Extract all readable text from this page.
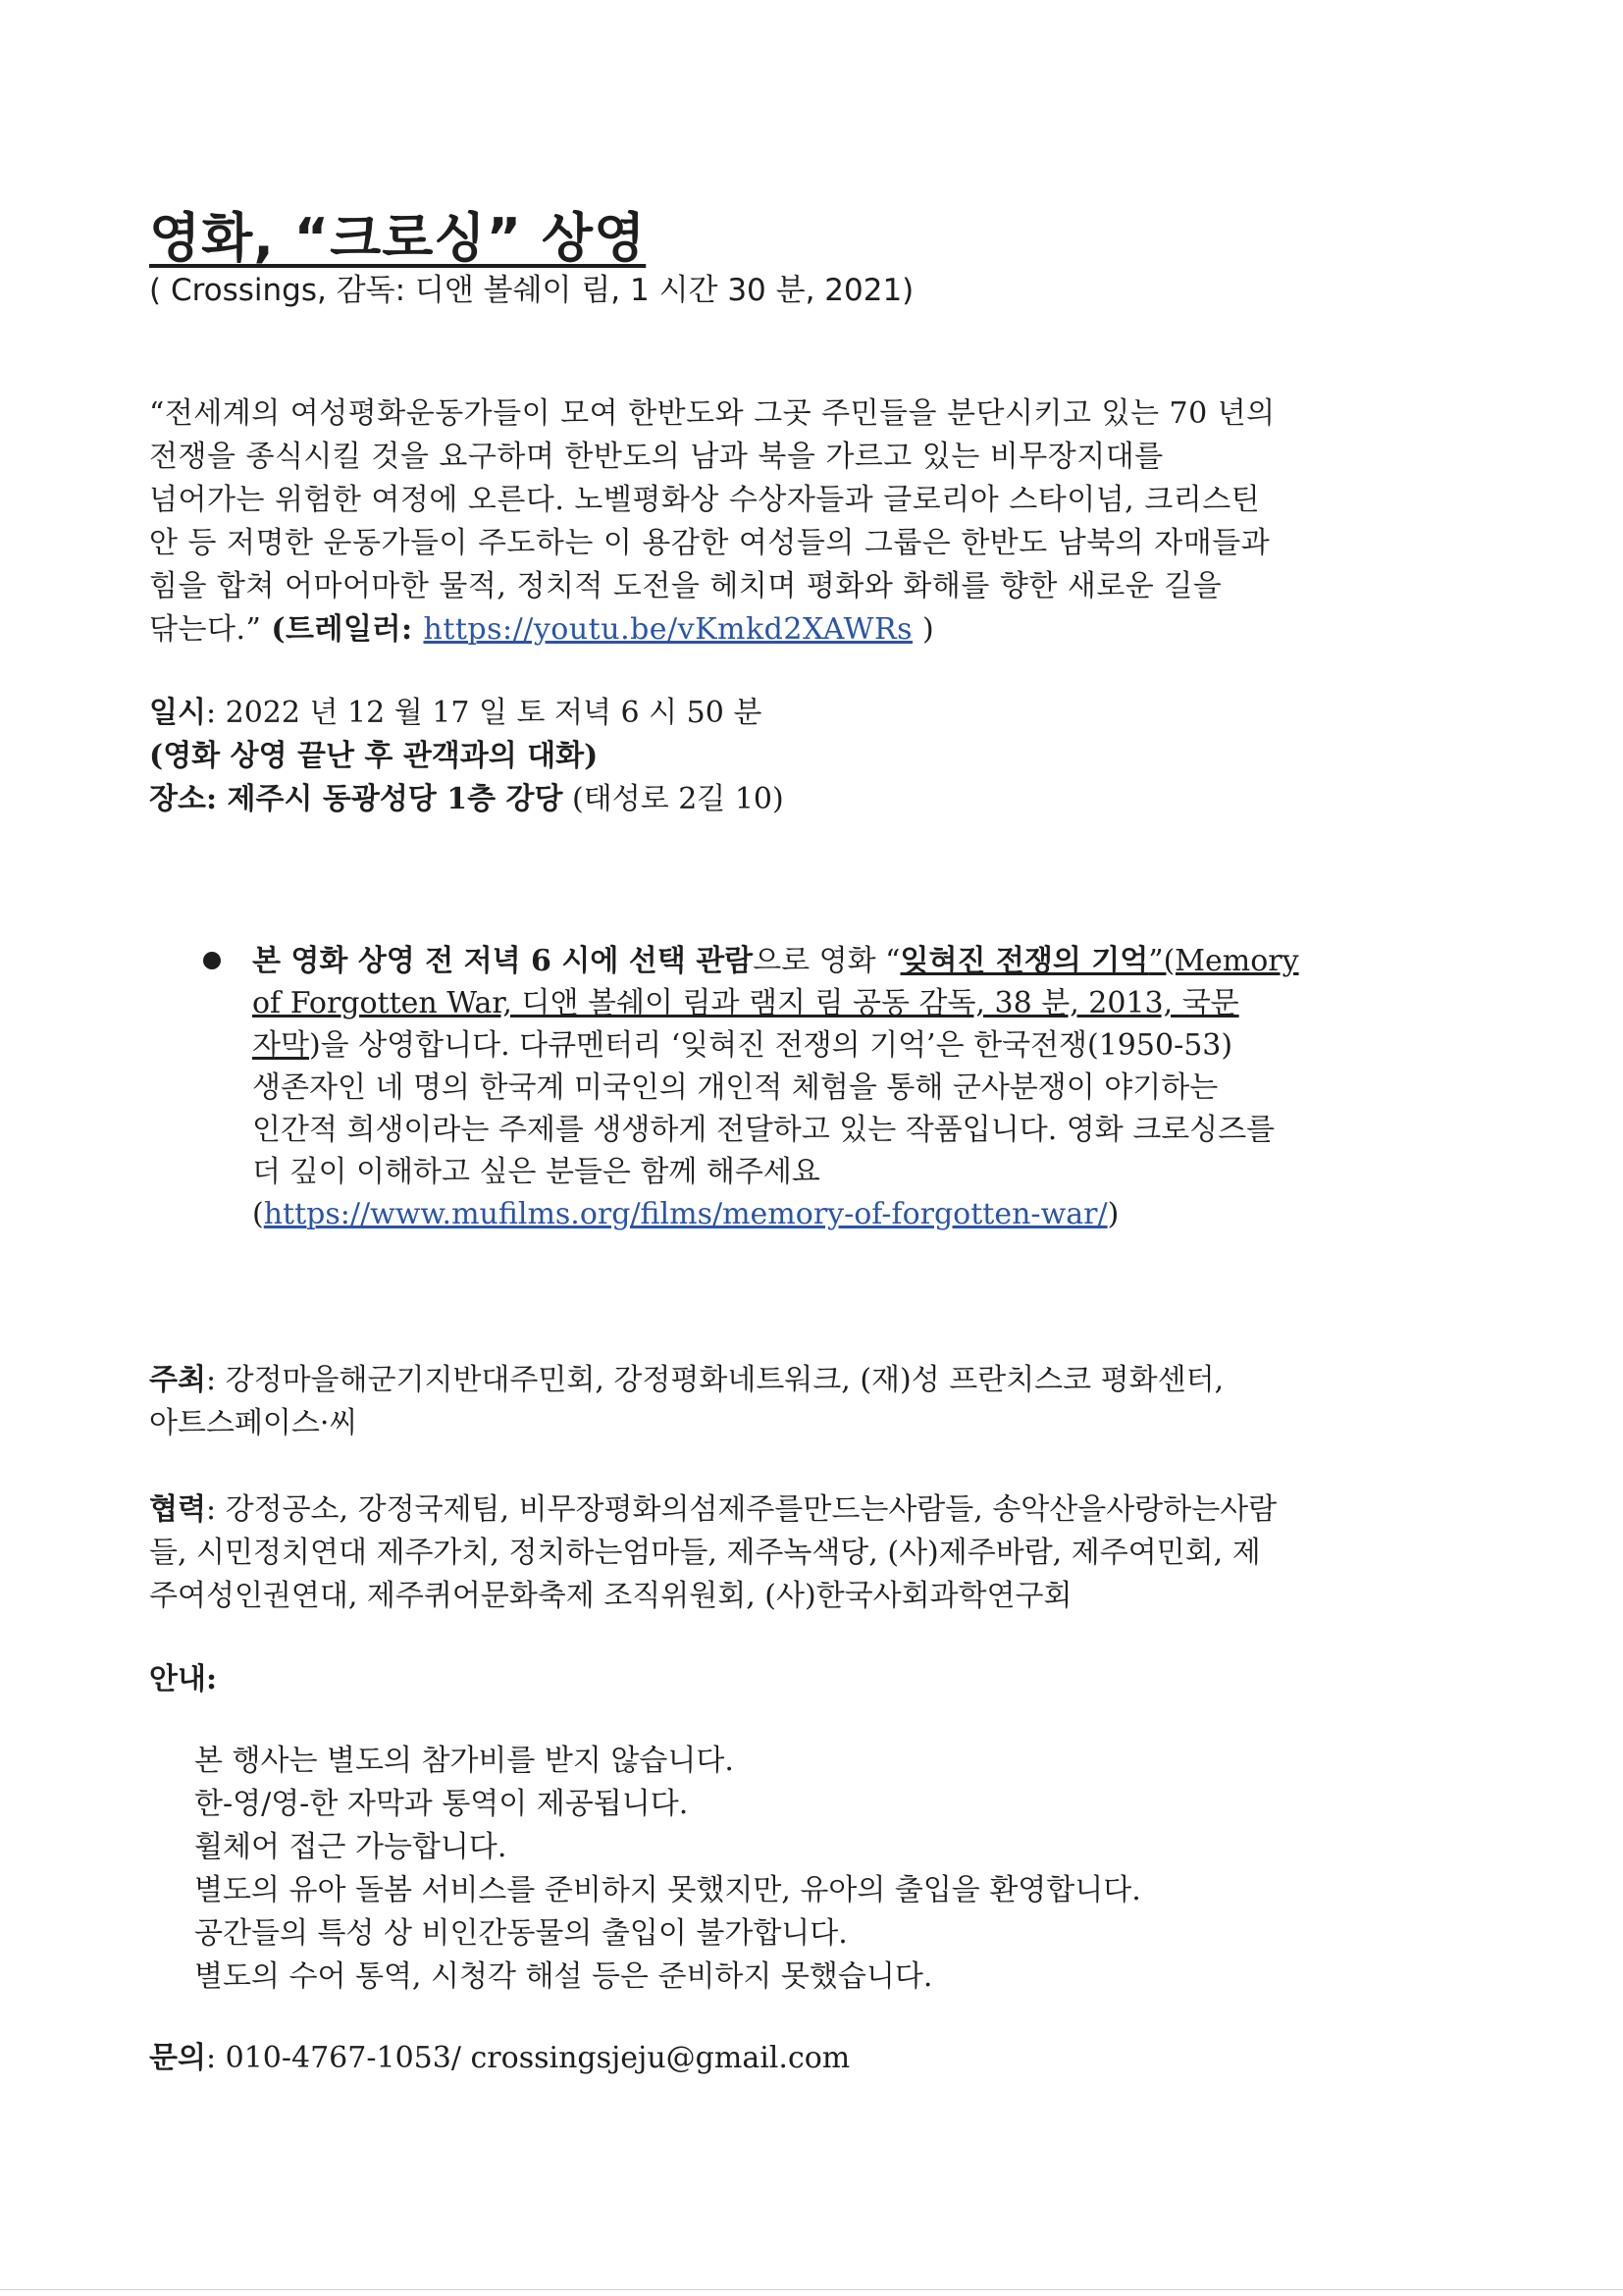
영화, “크로싱” 상영
( Crossings, 감독: 디앤 볼쉐이 림, 1 시간 30 분, 2021)
“전세계의 여성평화운동가들이 모여 한반도와 그곳 주민들을 분단시키고 있는 70 년의
전쟁을 종식시킬 것을 요구하며 한반도의 남과 북을 가르고 있는 비무장지대를
넘어가는 위험한 여정에 오른다. 노벨평화상 수상자들과 글로리아 스타이넘, 크리스틴
안 등 저명한 운동가들이 주도하는 이 용감한 여성들의 그룹은 한반도 남북의 자매들과
힘을 합쳐 어마어마한 물적, 정치적 도전을 헤치며 평화와 화해를 향한 새로운 길을
닦는다.” (트레일러: https://youtu.be/vKmkd2XAWRs )
일시: 2022 년 12 월 17 일 토 저녁 6 시 50 분
(영화 상영 끝난 후 관객과의 대화)
장소: 제주시 동광성당 1층 강당 (태성로 2길 10)
본 영화 상영 전 저녁 6 시에 선택 관람으로 영화 “잊혀진 전쟁의 기억”(Memory
of Forgotten War, 디앤 볼쉐이 림과 램지 림 공동 감독, 38 분, 2013, 국문
자막)을 상영합니다. 다큐멘터리 ‘잊혀진 전쟁의 기억’은 한국전쟁(1950-53)
생존자인 네 명의 한국계 미국인의 개인적 체험을 통해 군사분쟁이 야기하는
인간적 희생이라는 주제를 생생하게 전달하고 있는 작품입니다. 영화 크로싱즈를
더 깊이 이해하고 싶은 분들은 함께 해주세요
(https://www.mufilms.org/films/memory-of-forgotten-war/)
주최: 강정마을해군기지반대주민회, 강정평화네트워크, (재)성 프란치스코 평화센터,
아트스페이스·씨
협력: 강정공소, 강정국제팀, 비무장평화의섬제주를만드는사람들, 송악산을사랑하는사람
들, 시민정치연대 제주가치, 정치하는엄마들, 제주녹색당, (사)제주바람, 제주여민회, 제
주여성인권연대, 제주퀴어문화축제 조직위원회, (사)한국사회과학연구회
안내:
본 행사는 별도의 참가비를 받지 않습니다.
한-영/영-한 자막과 통역이 제공됩니다.
휠체어 접근 가능합니다.
별도의 유아 돌봄 서비스를 준비하지 못했지만, 유아의 출입을 환영합니다.
공간들의 특성 상 비인간동물의 출입이 불가합니다.
별도의 수어 통역, 시청각 해설 등은 준비하지 못했습니다.
문의: 010-4767-1053/ crossingsjeju@gmail.com
